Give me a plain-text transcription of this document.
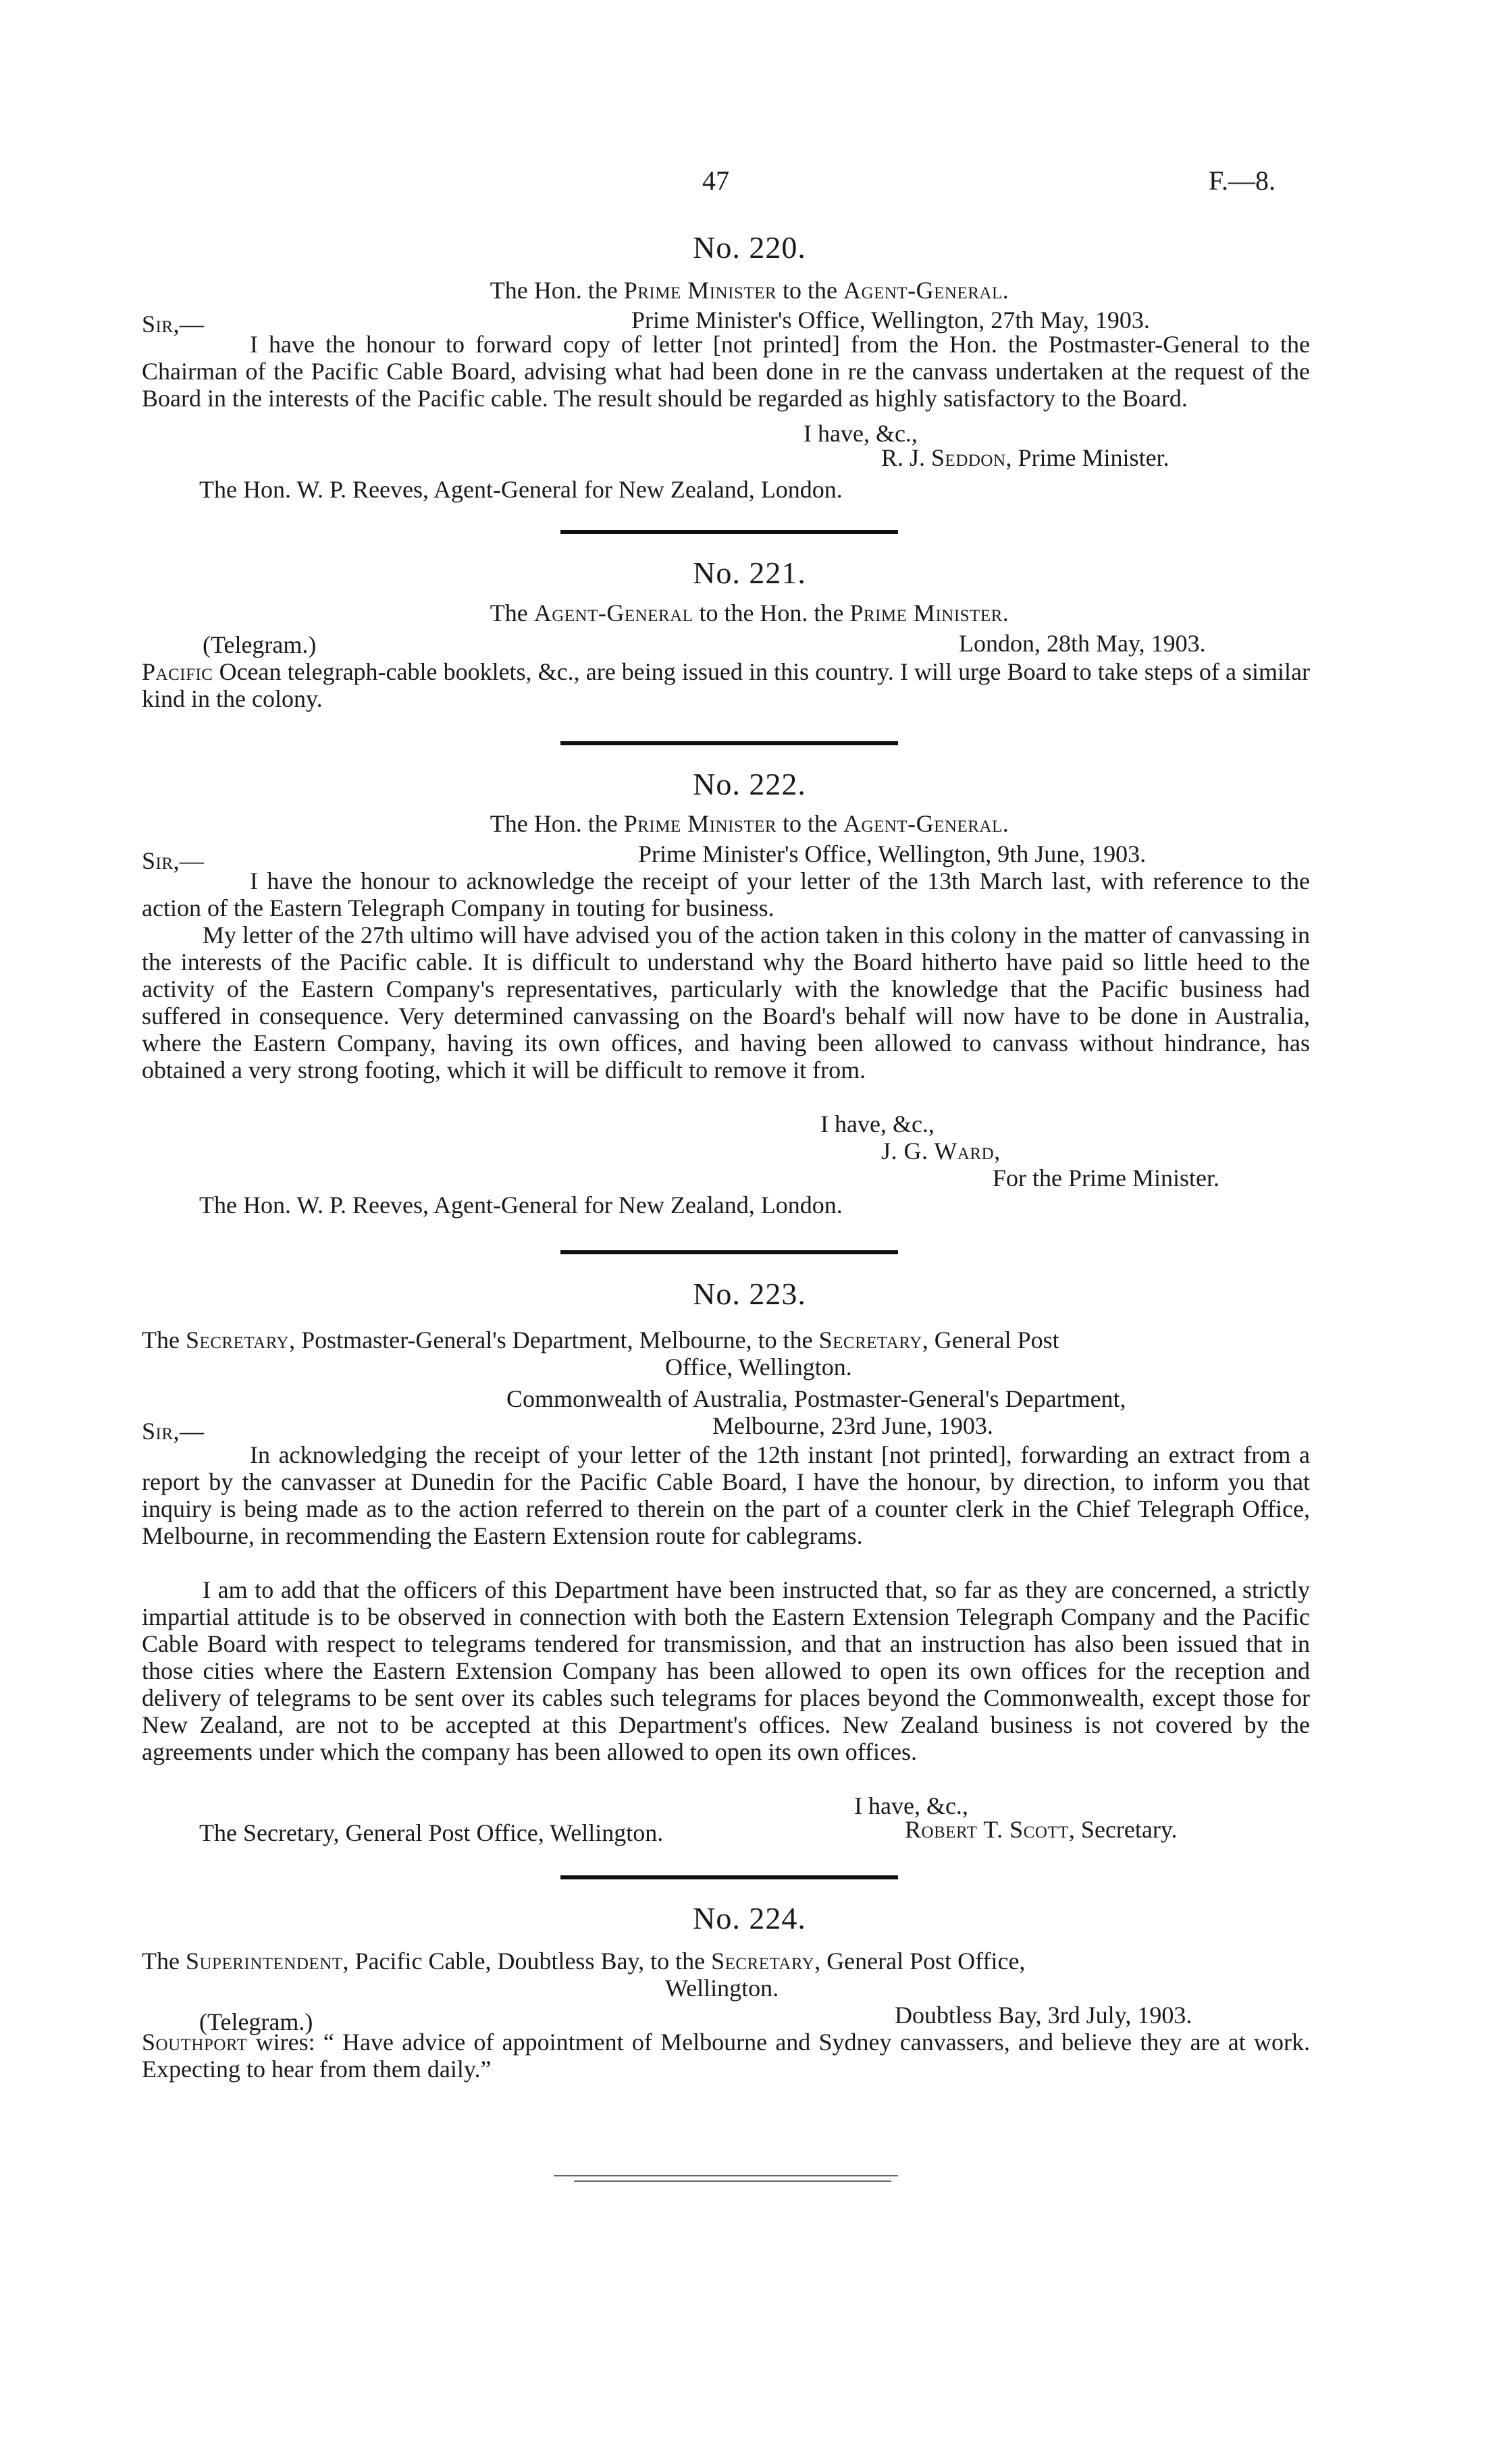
47	F.—8.
No. 220.
The Hon. the Prime Minister to the Agent-General.
Sir,—	Prime Minister's Office, Wellington, 27th May, 1903.
I have the honour to forward copy of letter [not printed] from the Hon. the Postmaster-General to the Chairman of the Pacific Cable Board, advising what had been done in re the canvass undertaken at the request of the Board in the interests of the Pacific cable. The result should be regarded as highly satisfactory to the Board.
I have, &c.,
R. J. Seddon, Prime Minister.
The Hon. W. P. Reeves, Agent-General for New Zealand, London.
No. 221.
The Agent-General to the Hon. the Prime Minister.
(Telegram.)	London, 28th May, 1903.
Pacific Ocean telegraph-cable booklets, &c., are being issued in this country. I will urge Board to take steps of a similar kind in the colony.
No. 222.
The Hon. the Prime Minister to the Agent-General.
Sir,—	Prime Minister's Office, Wellington, 9th June, 1903.
I have the honour to acknowledge the receipt of your letter of the 13th March last, with reference to the action of the Eastern Telegraph Company in touting for business.
My letter of the 27th ultimo will have advised you of the action taken in this colony in the matter of canvassing in the interests of the Pacific cable. It is difficult to understand why the Board hitherto have paid so little heed to the activity of the Eastern Company's representatives, particularly with the knowledge that the Pacific business had suffered in consequence. Very determined canvassing on the Board's behalf will now have to be done in Australia, where the Eastern Company, having its own offices, and having been allowed to canvass without hindrance, has obtained a very strong footing, which it will be difficult to remove it from.
I have, &c.,
J. G. Ward,
For the Prime Minister.
The Hon. W. P. Reeves, Agent-General for New Zealand, London.
No. 223.
The Secretary, Postmaster-General's Department, Melbourne, to the Secretary, General Post
Office, Wellington.
Commonwealth of Australia, Postmaster-General's Department,
Sir,—	Melbourne, 23rd June, 1903.
In acknowledging the receipt of your letter of the 12th instant [not printed], forwarding an extract from a report by the canvasser at Dunedin for the Pacific Cable Board, I have the honour, by direction, to inform you that inquiry is being made as to the action referred to therein on the part of a counter clerk in the Chief Telegraph Office, Melbourne, in recommending the Eastern Extension route for cablegrams.
I am to add that the officers of this Department have been instructed that, so far as they are concerned, a strictly impartial attitude is to be observed in connection with both the Eastern Extension Telegraph Company and the Pacific Cable Board with respect to telegrams tendered for transmission, and that an instruction has also been issued that in those cities where the Eastern Extension Company has been allowed to open its own offices for the reception and delivery of telegrams to be sent over its cables such telegrams for places beyond the Commonwealth, except those for New Zealand, are not to be accepted at this Department's offices. New Zealand business is not covered by the agreements under which the company has been allowed to open its own offices.
I have, &c.,
The Secretary, General Post Office, Wellington.	Robert T. Scott, Secretary.
No. 224.
The Superintendent, Pacific Cable, Doubtless Bay, to the Secretary, General Post Office,
Wellington.
(Telegram.)	Doubtless Bay, 3rd July, 1903.
Southport wires: “ Have advice of appointment of Melbourne and Sydney canvassers, and believe they are at work. Expecting to hear from them daily.”
